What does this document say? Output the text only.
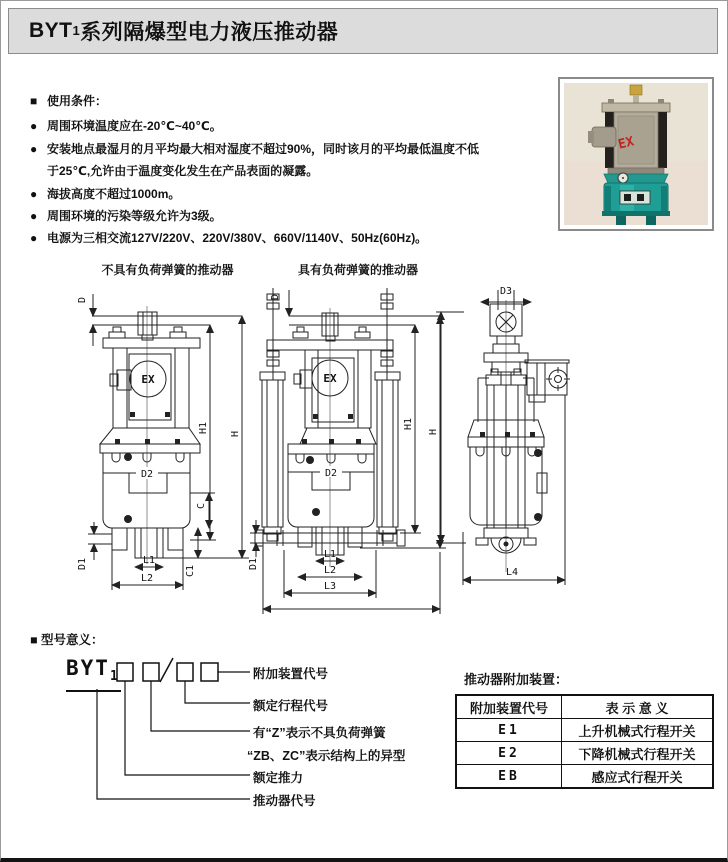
BYT 1 系列隔爆型电力液压推动器
■ 使用条件：
● 周围环境温度应在-20℃~40℃。
● 安装地点最湿月的月平均最大相对湿度不超过90%，同时该月的平均最低温度不低
于25℃,允许由于温度变化发生在产品表面的凝露。
● 海拔高度不超过1000m。
● 周围环境的污染等级允许为3级。
● 电源为三相交流127V/220V、220V/380V、660V/1140V、50Hz(60Hz)。
EX
不具有负荷弹簧的推动器	具有负荷弹簧的推动器
EX
D2
D
H1 H
C
C1
D1	L1
L2
EX
D2
D
H1
H
D1
L1
L2
L3
D3
L4
■ 型号意义：
$BYT_1$	附加装置代号
额定行程代号
有“Z”表示不具负荷弹簧
“ZB、ZC”表示结构上的异型
额定推力
推动器代号
推动器附加装置：
附加装置代号	表 示 意 义
E1	上升机械式行程开关
E2	下降机械式行程开关
EB	感应式行程开关
